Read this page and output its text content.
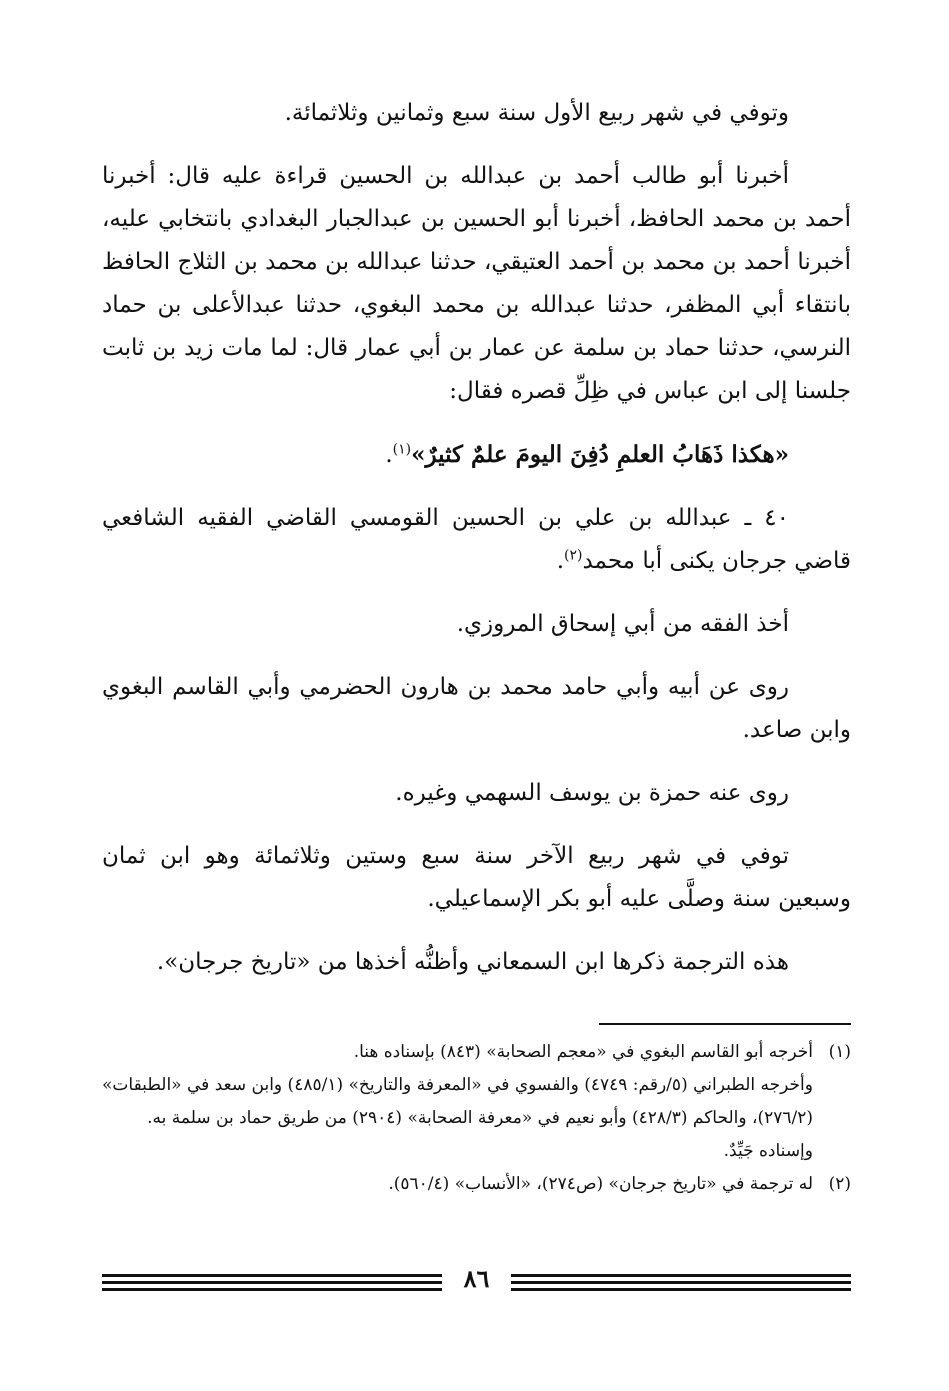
وتوفي في شهر ربيع الأول سنة سبع وثمانين وثلاثمائة.

أخبرنا أبو طالب أحمد بن عبدالله بن الحسين قراءة عليه قال: أخبرنا أحمد بن محمد الحافظ، أخبرنا أبو الحسين بن عبدالجبار البغدادي بانتخابي عليه، أخبرنا أحمد بن محمد بن أحمد العتيقي، حدثنا عبدالله بن محمد بن الثلاج الحافظ بانتقاء أبي المظفر، حدثنا عبدالله بن محمد البغوي، حدثنا عبدالأعلى بن حماد النرسي، حدثنا حماد بن سلمة عن عمار بن أبي عمار قال: لما مات زيد بن ثابت جلسنا إلى ابن عباس في ظِلِّ قصره فقال:

«هكذا ذَهَابُ العلمِ دُفِنَ اليومَ علمٌ كثيرٌ»$^{(١)}$.

٤٠ ـ عبدالله بن علي بن الحسين القومسي القاضي الفقيه الشافعي قاضي جرجان يكنى أبا محمد$^{(٢)}$.

أخذ الفقه من أبي إسحاق المروزي.

روى عن أبيه وأبي حامد محمد بن هارون الحضرمي وأبي القاسم البغوي وابن صاعد.

روى عنه حمزة بن يوسف السهمي وغيره.

توفي في شهر ربيع الآخر سنة سبع وستين وثلاثمائة وهو ابن ثمان وسبعين سنة وصلَّى عليه أبو بكر الإسماعيلي.

هذه الترجمة ذكرها ابن السمعاني وأظنُّه أخذها من «تاريخ جرجان».

(١)أخرجه أبو القاسم البغوي في «معجم الصحابة» (٨٤٣) بإسناده هنا.

وأخرجه الطبراني (٥/رقم: ٤٧٤٩) والفسوي في «المعرفة والتاريخ» (٤٨٥/١) وابن سعد في «الطبقات» (٢٧٦/٢)، والحاكم (٤٢٨/٣) وأبو نعيم في «معرفة الصحابة» (٢٩٠٤) من طريق حماد بن سلمة به.

وإسناده جَيِّدٌ.

(٢)له ترجمة في «تاريخ جرجان» (ص٢٧٤)، «الأنساب» (٥٦٠/٤).

٨٦
